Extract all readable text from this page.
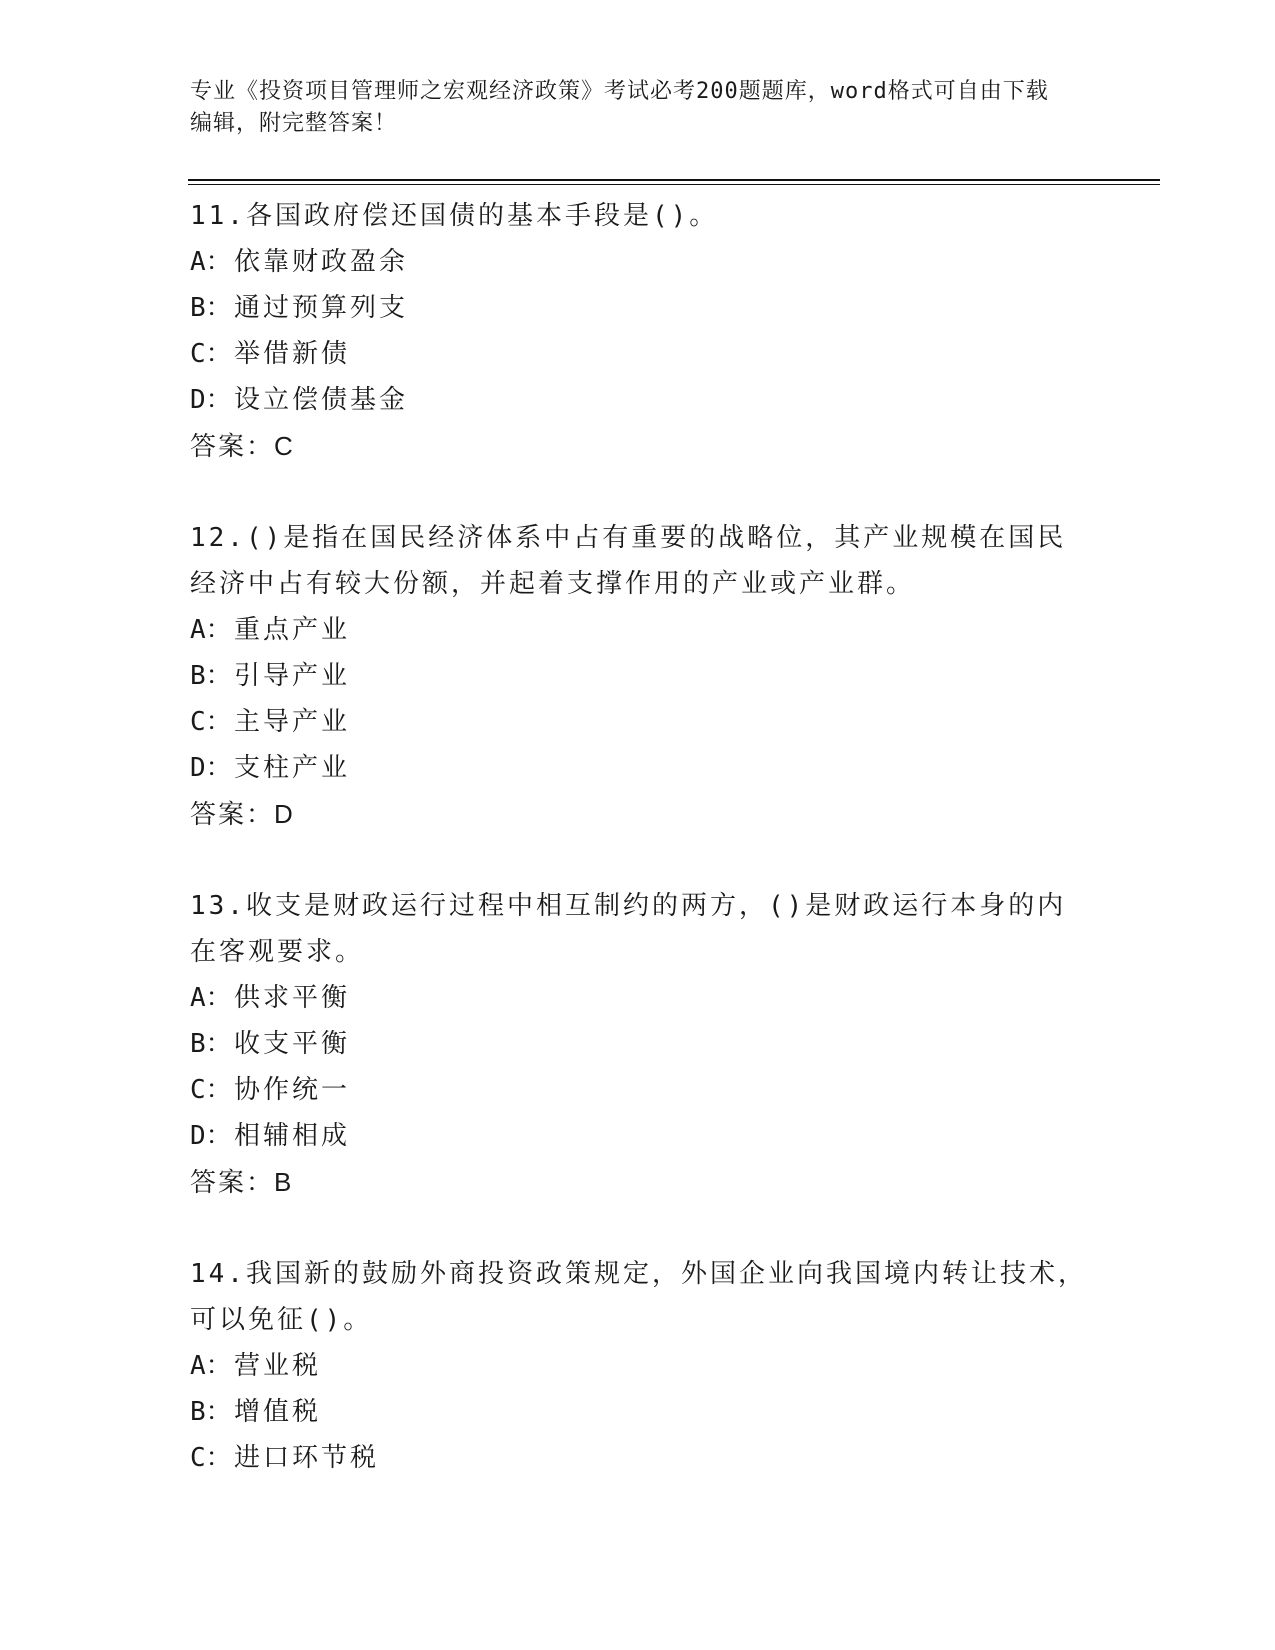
专业《投资项目管理师之宏观经济政策》考试必考200题题库，word格式可自由下载编辑，附完整答案！

11.各国政府偿还国债的基本手段是()。

A：依靠财政盈余

B：通过预算列支

C：举借新债

D：设立偿债基金

答案：C

12.()是指在国民经济体系中占有重要的战略位，其产业规模在国民经济中占有较大份额，并起着支撑作用的产业或产业群。

A：重点产业

B：引导产业

C：主导产业

D：支柱产业

答案：D

13.收支是财政运行过程中相互制约的两方，()是财政运行本身的内在客观要求。

A：供求平衡

B：收支平衡

C：协作统一

D：相辅相成

答案：B

14.我国新的鼓励外商投资政策规定，外国企业向我国境内转让技术，可以免征()。

A：营业税

B：增值税

C：进口环节税
